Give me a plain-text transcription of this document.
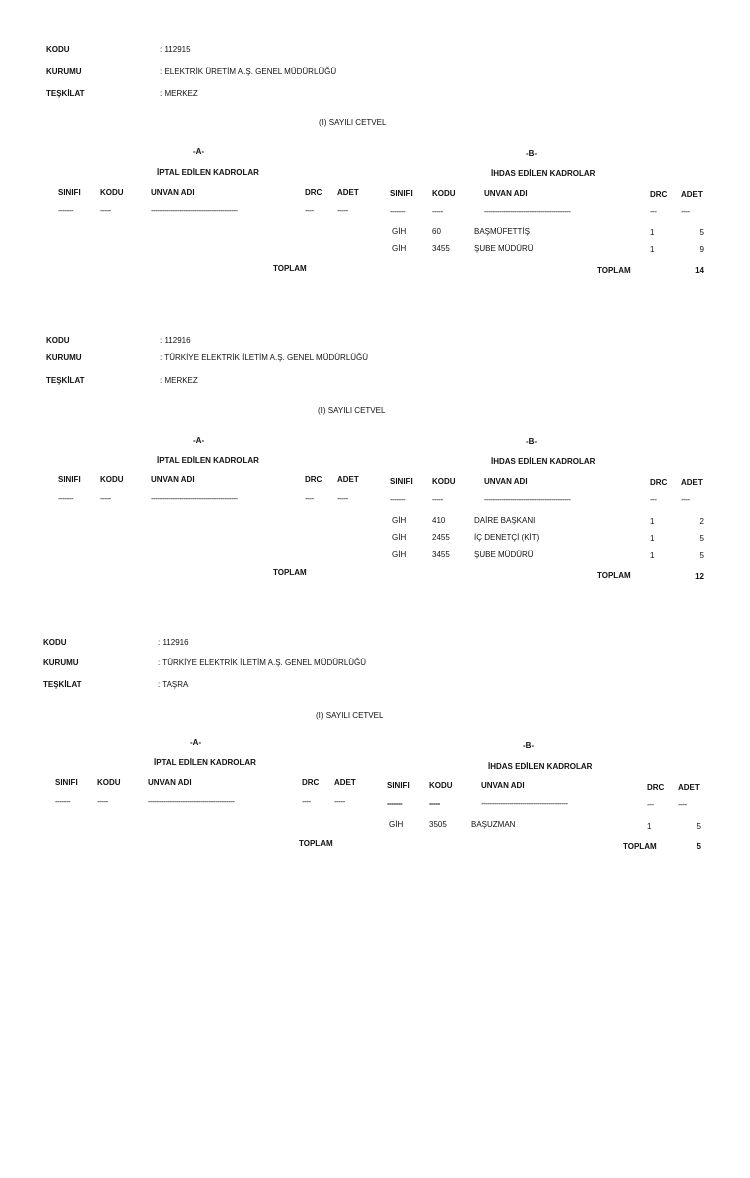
KODU	: 112915
KURUMU	: ELEKTRİK ÜRETİM A.Ş. GENEL MÜDÜRLÜĞÜ
TEŞKİLAT	: MERKEZ
(I) SAYILI CETVEL
-A-
İPTAL EDİLEN KADROLAR
-B-
İHDAS EDİLEN KADROLAR
SINIFI KODU	UNVAN ADI	DRC ADET	SINIFI KODU	UNVAN ADI	DRC ADET
-------	-----	----------------------------------------	----	-----	-------	-----	----------------------------------------	---	----
GİH	60	BAŞMÜFETTİŞ	1	5
GİH	3455	ŞUBE MÜDÜRÜ	1	9
TOPLAM	TOPLAM	14
KODU	: 112916
KURUMU	: TÜRKİYE ELEKTRİK İLETİM A.Ş. GENEL MÜDÜRLÜĞÜ
TEŞKİLAT	: MERKEZ
(I) SAYILI CETVEL
-A-
İPTAL EDİLEN KADROLAR
-B-
İHDAS EDİLEN KADROLAR
SINIFI KODU	UNVAN ADI	DRC ADET	SINIFI KODU	UNVAN ADI	DRC ADET
-------	-----	----------------------------------------	----	-----	-------	-----	----------------------------------------	---	----
GİH	410	DAİRE BAŞKANI	1	2
GİH	2455	İÇ DENETÇİ (KİT)	1	5
GİH	3455	ŞUBE MÜDÜRÜ	1	5
TOPLAM	TOPLAM	12
KODU	: 112916
KURUMU	: TÜRKİYE ELEKTRİK İLETİM A.Ş. GENEL MÜDÜRLÜĞÜ
TEŞKİLAT	: TAŞRA
(I) SAYILI CETVEL
-A-
İPTAL EDİLEN KADROLAR
-B-
İHDAS EDİLEN KADROLAR
SINIFI KODU	UNVAN ADI	DRC ADET	SINIFI KODU	UNVAN ADI	DRC ADET
-------	-----	----------------------------------------	----	-----	-------	-----	----------------------------------------	---	----
GİH	3505	BAŞUZMAN	1	5
TOPLAM	TOPLAM	5
